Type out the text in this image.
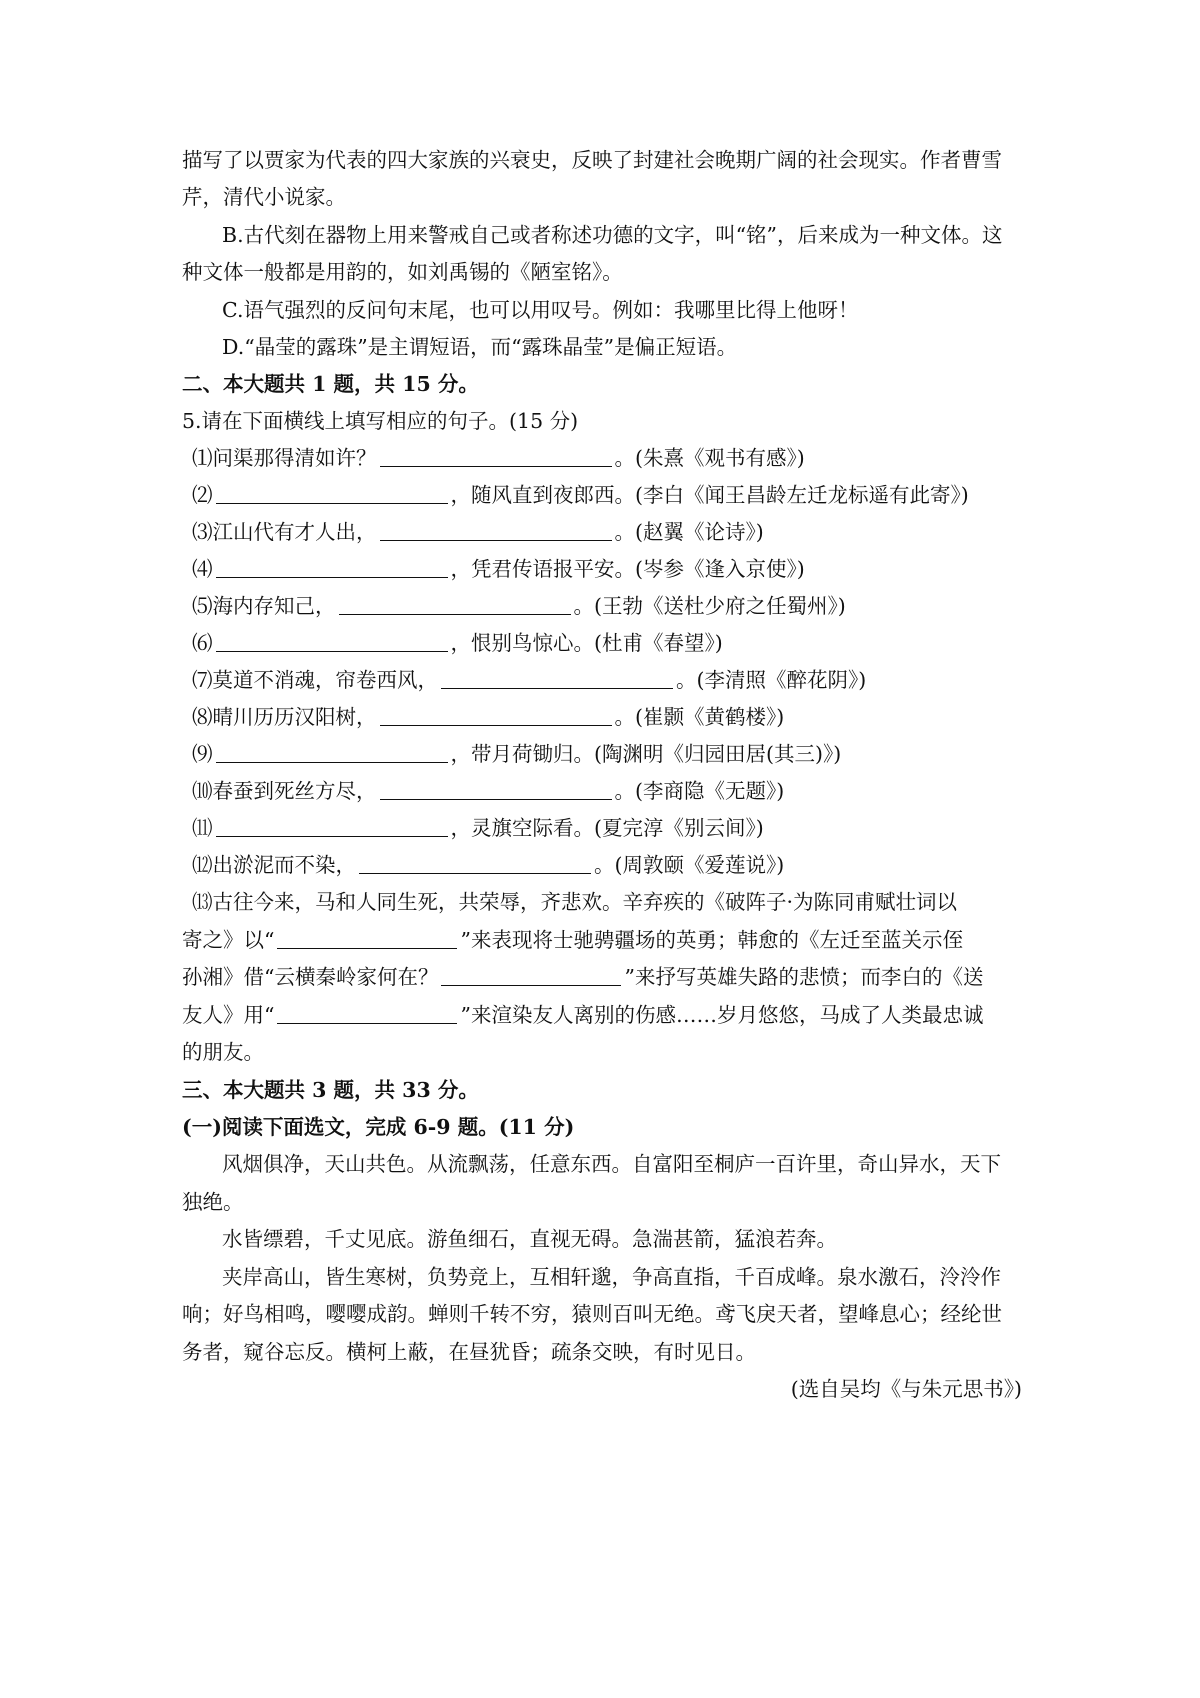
描写了以贾家为代表的四大家族的兴衰史，反映了封建社会晚期广阔的社会现实。作者曹雪
芹，清代小说家。
B.古代刻在器物上用来警戒自己或者称述功德的文字，叫“铭”，后来成为一种文体。这
种文体一般都是用韵的，如刘禹锡的《陋室铭》。
C.语气强烈的反问句末尾，也可以用叹号。例如：我哪里比得上他呀！
D.“晶莹的露珠”是主谓短语，而“露珠晶莹”是偏正短语。
二、本大题共 1 题，共 15 分。
5.请在下面横线上填写相应的句子。(15 分)
⑴问渠那得清如许？	。(朱熹《观书有感》)
⑵	，随风直到夜郎西。(李白《闻王昌龄左迁龙标遥有此寄》)
⑶江山代有才人出，	。(赵翼《论诗》)
⑷	，凭君传语报平安。(岑参《逢入京使》)
⑸海内存知己，	。(王勃《送杜少府之任蜀州》)
⑹	，恨别鸟惊心。(杜甫《春望》)
⑺莫道不消魂，帘卷西风，	。(李清照《醉花阴》)
⑻晴川历历汉阳树，	。(崔颢《黄鹤楼》)
⑼	，带月荷锄归。(陶渊明《归园田居(其三)》)
⑽春蚕到死丝方尽，	。(李商隐《无题》)
⑾	，灵旗空际看。(夏完淳《别云间》)
⑿出淤泥而不染，	。(周敦颐《爱莲说》)
⒀古往今来，马和人同生死，共荣辱，齐悲欢。辛弃疾的《破阵子·为陈同甫赋壮词以
寄之》以“	”来表现将士驰骋疆场的英勇；韩愈的《左迁至蓝关示侄
孙湘》借“云横秦岭家何在？	”来抒写英雄失路的悲愤；而李白的《送
友人》用“	”来渲染友人离别的伤感……岁月悠悠，马成了人类最忠诚
的朋友。
三、本大题共 3 题，共 33 分。
(一)阅读下面选文，完成 6-9 题。(11 分)
风烟俱净，天山共色。从流飘荡，任意东西。自富阳至桐庐一百许里，奇山异水，天下
独绝。
水皆缥碧，千丈见底。游鱼细石，直视无碍。急湍甚箭，猛浪若奔。
夹岸高山，皆生寒树，负势竞上，互相轩邈，争高直指，千百成峰。泉水激石，泠泠作
响；好鸟相鸣，嘤嘤成韵。蝉则千转不穷，猿则百叫无绝。鸢飞戾天者，望峰息心；经纶世
务者，窥谷忘反。横柯上蔽，在昼犹昏；疏条交映，有时见日。
(选自吴均《与朱元思书》)
